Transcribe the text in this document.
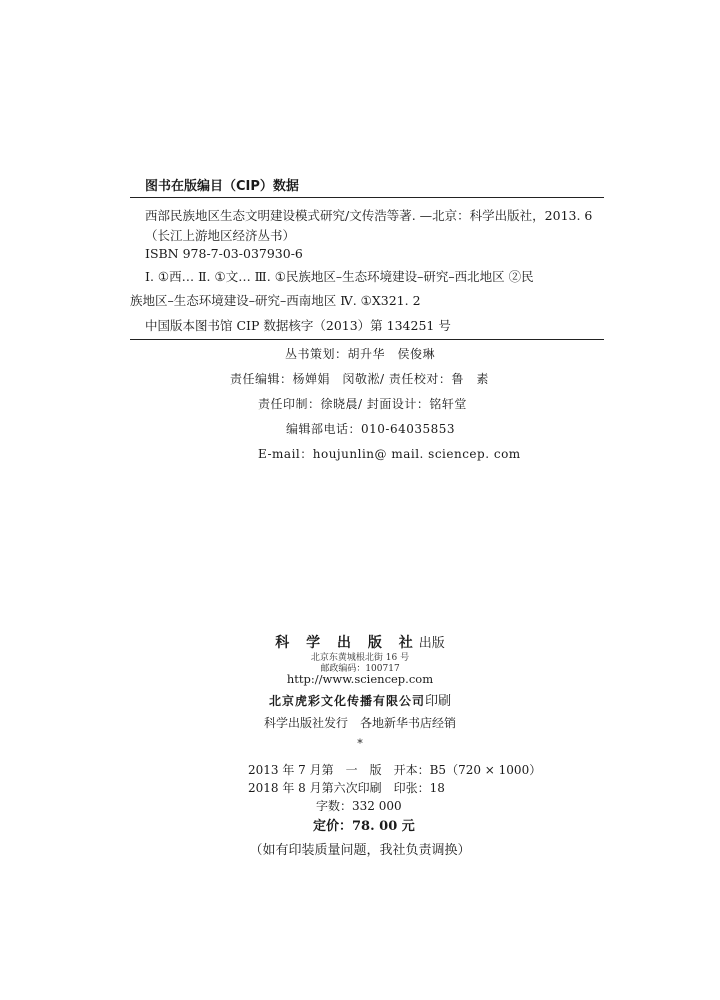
图书在版编目（CIP）数据
西部民族地区生态文明建设模式研究/文传浩等著. —北京：科学出版社，2013. 6
（长江上游地区经济丛书）
ISBN 978-7-03-037930-6
Ⅰ. ①西… Ⅱ. ①文… Ⅲ. ①民族地区–生态环境建设–研究–西北地区 ②民
族地区–生态环境建设–研究–西南地区 Ⅳ. ①X321. 2
中国版本图书馆 CIP 数据核字（2013）第 134251 号
丛书策划：胡升华　侯俊琳
责任编辑：杨婵娟　闵敬淞/ 责任校对：鲁　素
责任印制：徐晓晨/ 封面设计：铭轩堂
编辑部电话：010-64035853
E-mail：houjunlin@ mail. sciencep. com
科 学 出 版 社出版
北京东黄城根北街 16 号
邮政编码：100717
http://www.sciencep.com
北京虎彩文化传播有限公司印刷
科学出版社发行　各地新华书店经销
*
2013 年 7 月第　一　版　开本：B5（720 × 1000）
2018 年 8 月第六次印刷　印张：18
字数：332 000
定价：78. 00 元
（如有印装质量问题，我社负责调换）
